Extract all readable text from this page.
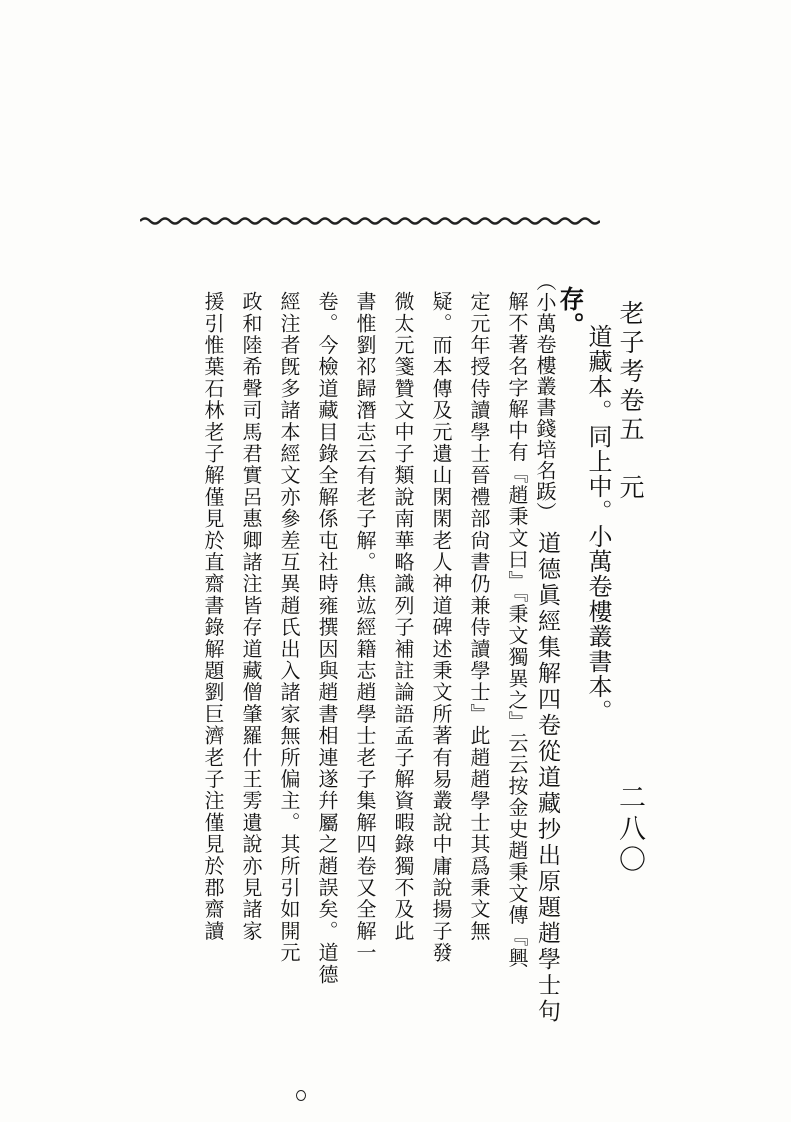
老子考卷五　元
二八〇
道藏本。同上中。小萬卷樓叢書本。
存。
道德眞經集解四卷從道藏抄出原題趙學士句
（小萬卷樓叢書錢培名䟦）
解不著名字解中有『趙秉文曰』『秉文獨異之』云云按金史趙秉文傳『興
定元年授侍讀學士晉禮部尙書仍兼侍讀學士』此趙趙學士其爲秉文無
疑。而本傳及元遺山閑閑老人神道碑述秉文所著有易叢說中庸說揚子發
微太元箋贊文中子類說南華略識列子補註論語孟子解資暇錄獨不及此
書惟劉祁歸潛志云有老子解。焦竑經籍志趙學士老子集解四卷又全解一
卷。今檢道藏目錄全解係屯社時雍撰因與趙書相連遂幷屬之趙誤矣。道德
經注者旣多諸本經文亦參差互異趙氏出入諸家無所偏主。其所引如開元
政和陸希聲司馬君實呂惠卿諸注皆存道藏僧肇羅什王雱遺說亦見諸家
援引惟葉石林老子解僅見於直齋書錄解題劉巨濟老子注僅見於郡齋讀
